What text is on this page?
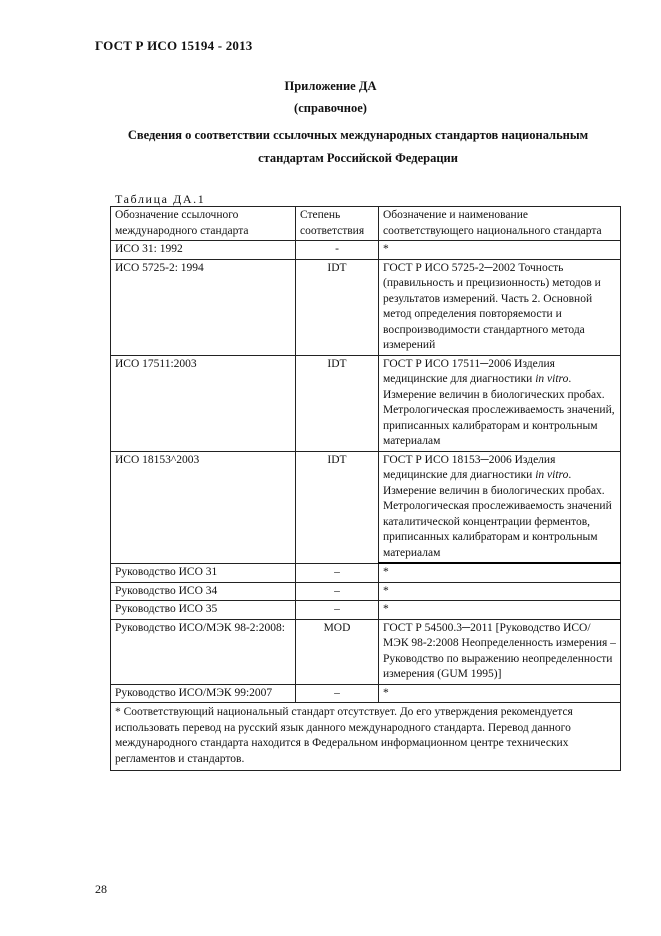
ГОСТ Р ИСО 15194 - 2013
Приложение ДА
(справочное)
Сведения о соответствии ссылочных международных стандартов национальным
стандартам Российской Федерации
Таблица ДА.1
Обозначение ссылочного международного стандарта	Степень соответствия	Обозначение и наименование соответствующего национального стандарта
ИСО 31: 1992	-	*
ИСО 5725-2: 1994	IDT	ГОСТ Р ИСО 5725-2─2002 Точность (правильность и прецизионность) методов и результатов измерений. Часть 2. Основной метод определения повторяемости и воспроизводимости стандартного метода измерений
ИСО 17511:2003	IDT	ГОСТ Р ИСО 17511─2006 Изделия медицинские для диагностики in vitro. Измерение величин в биологических пробах. Метрологическая прослеживаемость значений, приписанных калибраторам и контрольным материалам
ИСО 18153^2003	IDT	ГОСТ Р ИСО 18153─2006 Изделия медицинские для диагностики in vitro. Измерение величин в биологических пробах. Метрологическая прослеживаемость значений каталитической концентрации ферментов, приписанных калибраторам и контрольным материалам
Руководство ИСО 31	–	*
Руководство ИСО 34	–	*
Руководство ИСО 35	–	*
Руководство ИСО/МЭК 98-2:2008:	MOD	ГОСТ Р 54500.3─2011 [Руководство ИСО/МЭК 98-2:2008 Неопределенность измерения – Руководство по выражению неопределенности измерения (GUM 1995)]
Руководство ИСО/МЭК 99:2007	–	*
* Соответствующий национальный стандарт отсутствует. До его утверждения рекомендуется использовать перевод на русский язык данного международного стандарта. Перевод данного международного стандарта находится в Федеральном информационном центре технических регламентов и стандартов.		
28
